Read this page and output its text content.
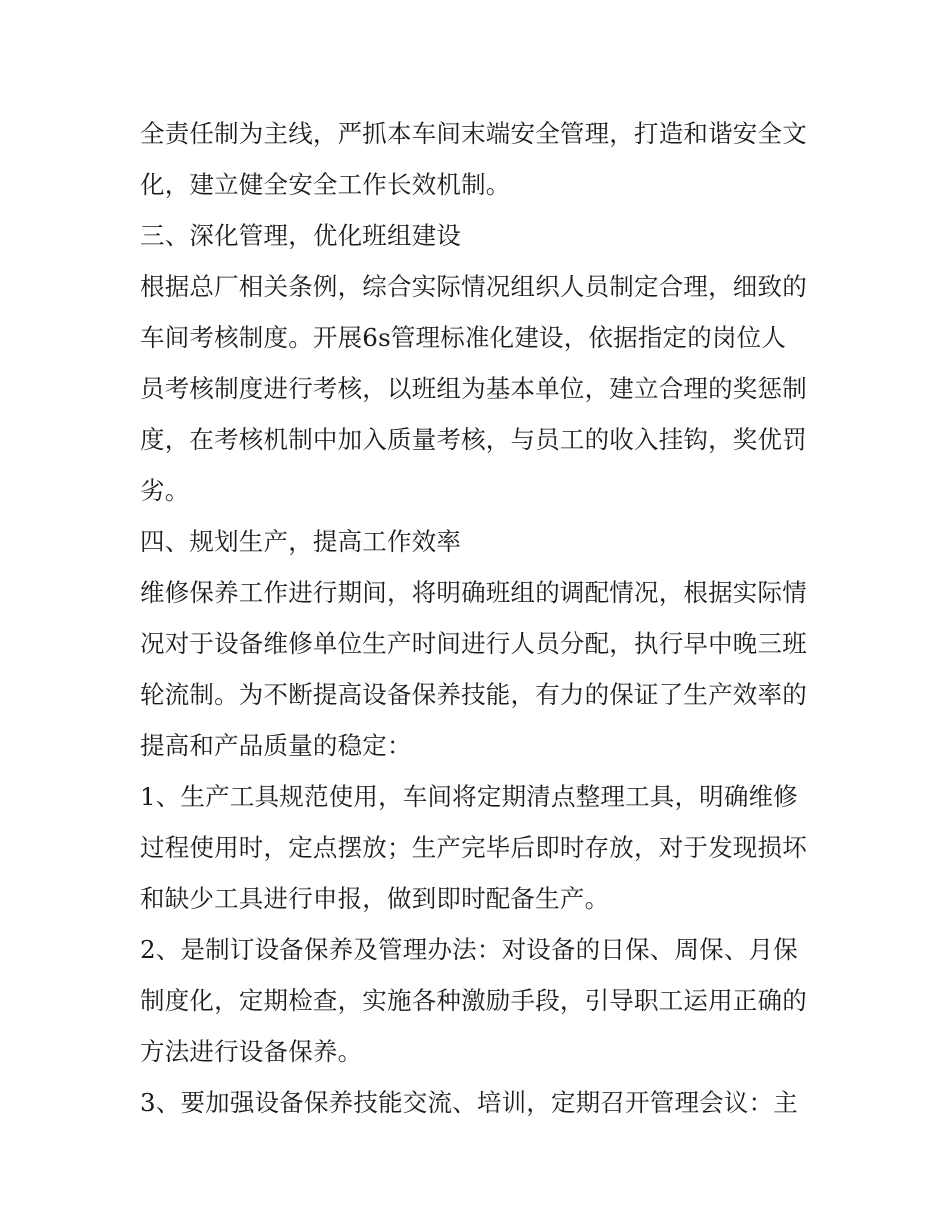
全责任制为主线，严抓本车间末端安全管理，打造和谐安全文
化，建立健全安全工作长效机制。
三、深化管理，优化班组建设
根据总厂相关条例，综合实际情况组织人员制定合理，细致的
车间考核制度。开展6s管理标准化建设，依据指定的岗位人
员考核制度进行考核，以班组为基本单位，建立合理的奖惩制
度，在考核机制中加入质量考核，与员工的收入挂钩，奖优罚
劣。
四、规划生产，提高工作效率
维修保养工作进行期间，将明确班组的调配情况，根据实际情
况对于设备维修单位生产时间进行人员分配，执行早中晚三班
轮流制。为不断提高设备保养技能，有力的保证了生产效率的
提高和产品质量的稳定：
1、生产工具规范使用，车间将定期清点整理工具，明确维修
过程使用时，定点摆放；生产完毕后即时存放，对于发现损坏
和缺少工具进行申报，做到即时配备生产。
2、是制订设备保养及管理办法：对设备的日保、周保、月保
制度化，定期检查，实施各种激励手段，引导职工运用正确的
方法进行设备保养。
3、要加强设备保养技能交流、培训，定期召开管理会议：主
